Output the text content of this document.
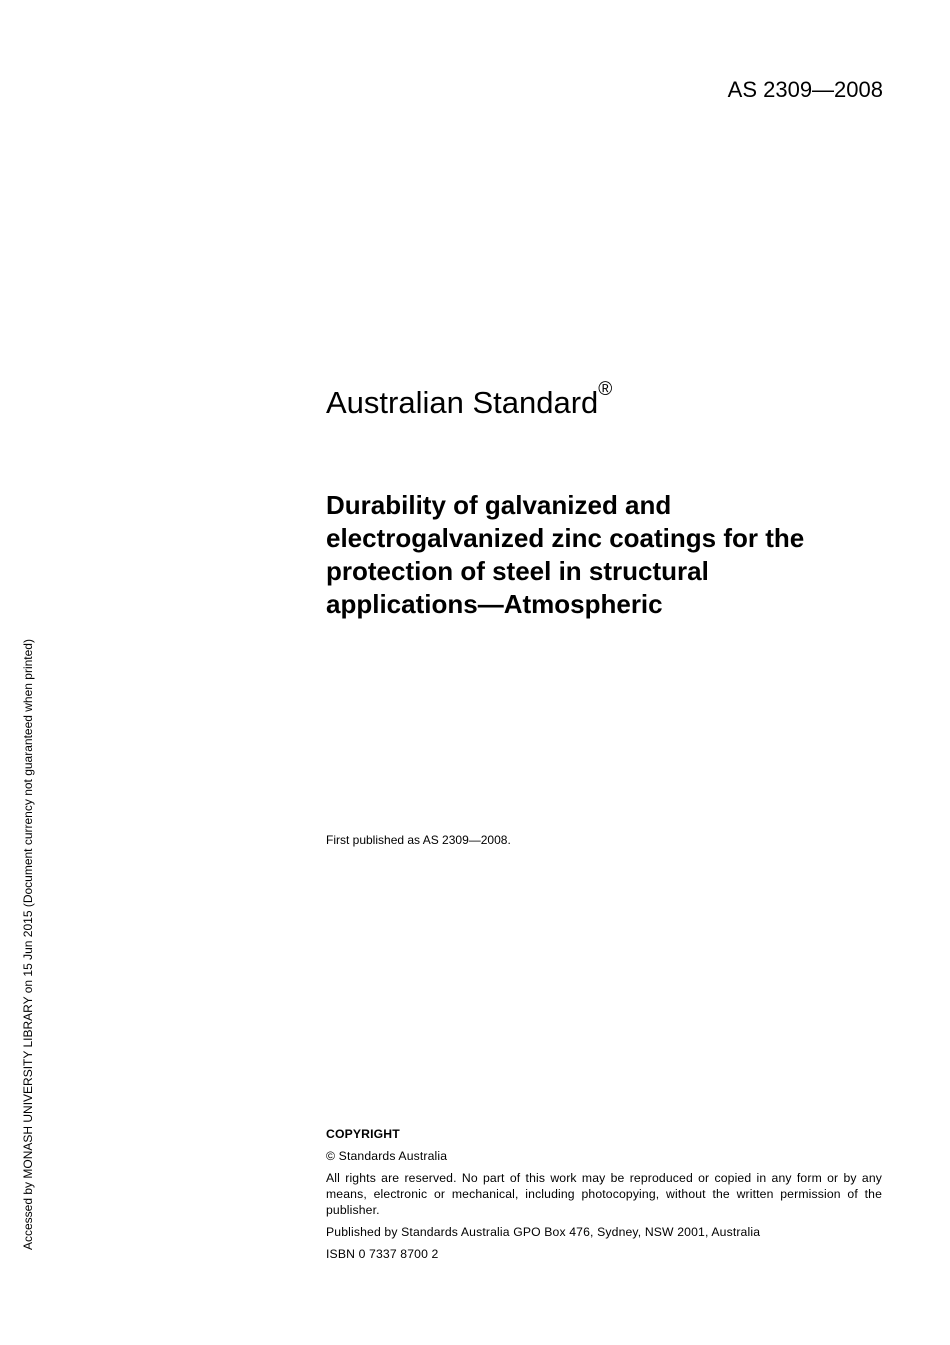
AS 2309—2008
Australian Standard®
Durability of galvanized and
electrogalvanized zinc coatings for the
protection of steel in structural
applications—Atmospheric
First published as AS 2309—2008.
COPYRIGHT
© Standards Australia
All rights are reserved. No part of this work may be reproduced or copied in any form or by any means, electronic or mechanical, including photocopying, without the written permission of the publisher.
Published by Standards Australia GPO Box 476, Sydney, NSW 2001, Australia
ISBN 0 7337 8700 2
Accessed by MONASH UNIVERSITY LIBRARY on 15 Jun 2015 (Document currency not guaranteed when printed)
